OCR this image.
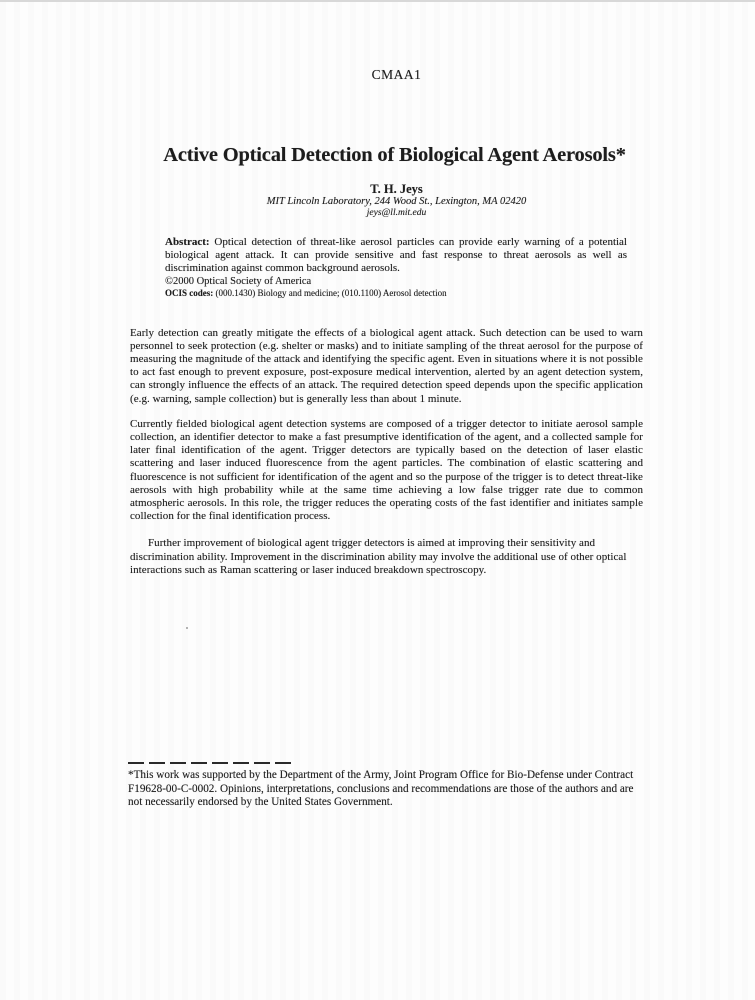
CMAA1
Active Optical Detection of Biological Agent Aerosols*
T. H. Jeys
MIT Lincoln Laboratory, 244 Wood St., Lexington, MA 02420
jeys@ll.mit.edu

Abstract: Optical detection of threat-like aerosol particles can provide early warning of a potential biological agent attack. It can provide sensitive and fast response to threat aerosols as well as discrimination against common background aerosols.

©2000 Optical Society of America
OCIS codes: (000.1430) Biology and medicine; (010.1100) Aerosol detection

Early detection can greatly mitigate the effects of a biological agent attack. Such detection can be used to warn personnel to seek protection (e.g. shelter or masks) and to initiate sampling of the threat aerosol for the purpose of measuring the magnitude of the attack and identifying the specific agent. Even in situations where it is not possible to act fast enough to prevent exposure, post-exposure medical intervention, alerted by an agent detection system, can strongly influence the effects of an attack. The required detection speed depends upon the specific application (e.g. warning, sample collection) but is generally less than about 1 minute.

Currently fielded biological agent detection systems are composed of a trigger detector to initiate aerosol sample collection, an identifier detector to make a fast presumptive identification of the agent, and a collected sample for later final identification of the agent. Trigger detectors are typically based on the detection of laser elastic scattering and laser induced fluorescence from the agent particles. The combination of elastic scattering and fluorescence is not sufficient for identification of the agent and so the purpose of the trigger is to detect threat-like aerosols with high probability while at the same time achieving a low false trigger rate due to common atmospheric aerosols. In this role, the trigger reduces the operating costs of the fast identifier and initiates sample collection for the final identification process.

Further improvement of biological agent trigger detectors is aimed at improving their sensitivity and discrimination ability. Improvement in the discrimination ability may involve the additional use of other optical interactions such as Raman scattering or laser induced breakdown spectroscopy.

*This work was supported by the Department of the Army, Joint Program Office for Bio-Defense under Contract F19628-00-C-0002. Opinions, interpretations, conclusions and recommendations are those of the authors and are not necessarily endorsed by the United States Government.
